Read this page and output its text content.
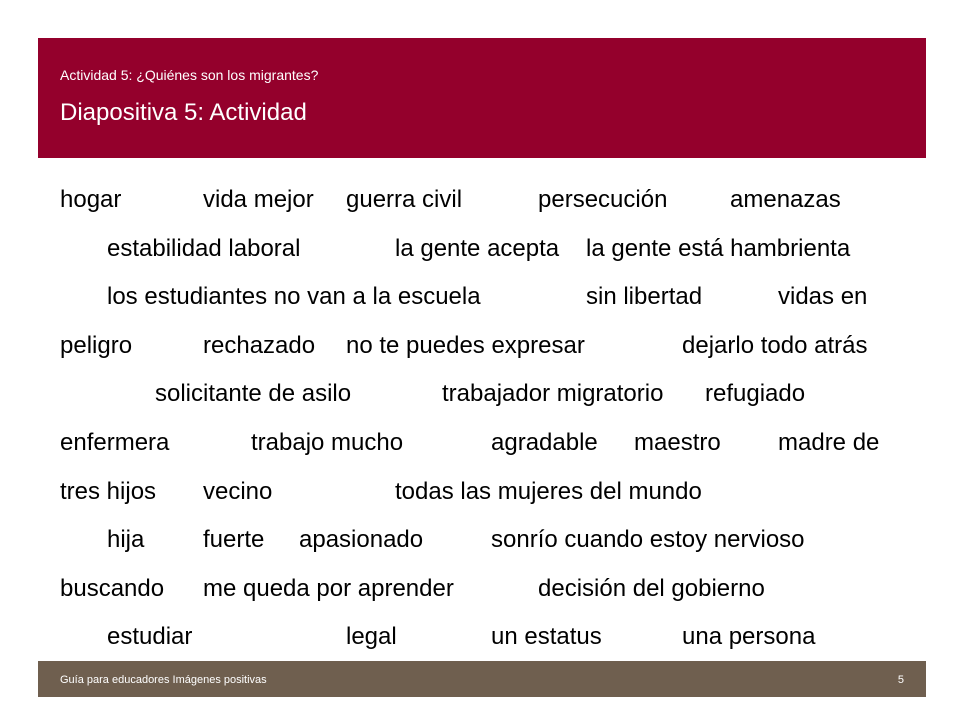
Actividad 5: ¿Quiénes son los migrantes?
Diapositiva 5: Actividad
hogar	vida mejor guerra civil	persecución	amenazas
estabilidad laboral	la gente acepta la gente está hambrienta
los estudiantes no van a la escuela	sin libertad	vidas en
peligro	rechazado no te puedes expresar	dejarlo todo atrás
solicitante de asilo	trabajador migratorio refugiado
enfermera	trabajo mucho	agradable maestro madre de
tres hijos vecino	todas las mujeres del mundo
hija fuerte apasionado	sonrío cuando estoy nervioso
buscando me queda por aprender	decisión del gobierno
estudiar	legal	un estatus	una persona
Guía para educadores Imágenes positivas	5
